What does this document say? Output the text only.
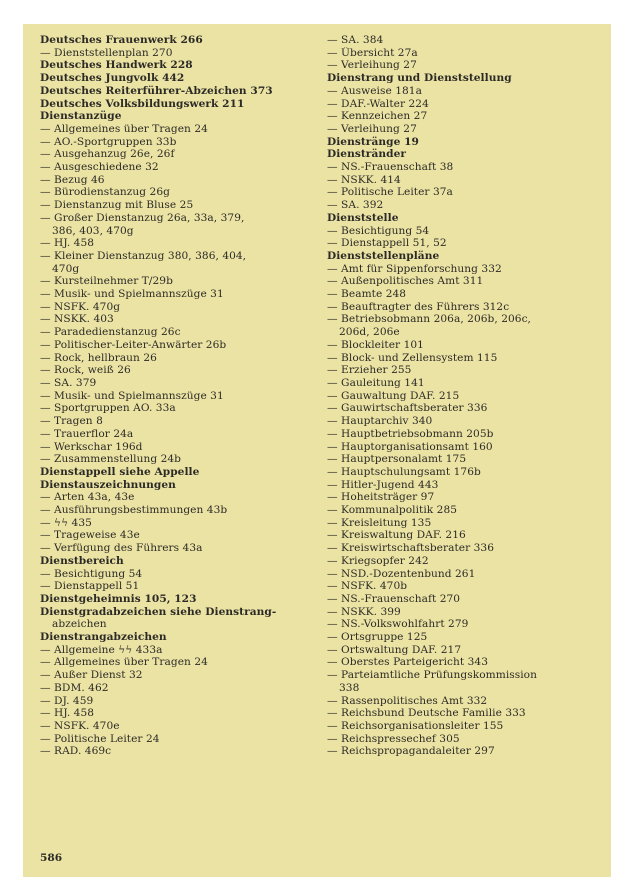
Deutsches Frauenwerk 266
— Dienststellenplan 270
Deutsches Handwerk 228
Deutsches Jungvolk 442
Deutsches Reiterführer-Abzeichen 373
Deutsches Volksbildungswerk 211
Dienstanzüge
— Allgemeines über Tragen 24
— AO.-Sportgruppen 33b
— Ausgehanzug 26e, 26f
— Ausgeschiedene 32
— Bezug 46
— Bürodienstanzug 26g
— Dienstanzug mit Bluse 25
— Großer Dienstanzug 26a, 33a, 379,
386, 403, 470g
— HJ. 458
— Kleiner Dienstanzug 380, 386, 404,
470g
— Kursteilnehmer T/29b
— Musik- und Spielmannszüge 31
— NSFK. 470g
— NSKK. 403
— Paradedienstanzug 26c
— Politischer-Leiter-Anwärter 26b
— Rock, hellbraun 26
— Rock, weiß 26
— SA. 379
— Musik- und Spielmannszüge 31
— Sportgruppen AO. 33a
— Tragen 8
— Trauerflor 24a
— Werkschar 196d
— Zusammenstellung 24b
Dienstappell siehe Appelle
Dienstauszeichnungen
— Arten 43a, 43e
— Ausführungsbestimmungen 43b
— ϟϟ 435
— Trageweise 43e
— Verfügung des Führers 43a
Dienstbereich
— Besichtigung 54
— Dienstappell 51
Dienstgeheimnis 105, 123
Dienstgradabzeichen siehe Dienstrang-
abzeichen
Dienstrangabzeichen
— Allgemeine ϟϟ 433a
— Allgemeines über Tragen 24
— Außer Dienst 32
— BDM. 462
— DJ. 459
— HJ. 458
— NSFK. 470e
— Politische Leiter 24
— RAD. 469c
— SA. 384
— Übersicht 27a
— Verleihung 27
Dienstrang und Dienststellung
— Ausweise 181a
— DAF.-Walter 224
— Kennzeichen 27
— Verleihung 27
Dienstränge 19
Dienstränder
— NS.-Frauenschaft 38
— NSKK. 414
— Politische Leiter 37a
— SA. 392
Dienststelle
— Besichtigung 54
— Dienstappell 51, 52
Dienststellenpläne
— Amt für Sippenforschung 332
— Außenpolitisches Amt 311
— Beamte 248
— Beauftragter des Führers 312c
— Betriebsobmann 206a, 206b, 206c,
206d, 206e
— Blockleiter 101
— Block- und Zellensystem 115
— Erzieher 255
— Gauleitung 141
— Gauwaltung DAF. 215
— Gauwirtschaftsberater 336
— Hauptarchiv 340
— Hauptbetriebsobmann 205b
— Hauptorganisationsamt 160
— Hauptpersonalamt 175
— Hauptschulungsamt 176b
— Hitler-Jugend 443
— Hoheitsträger 97
— Kommunalpolitik 285
— Kreisleitung 135
— Kreiswaltung DAF. 216
— Kreiswirtschaftsberater 336
— Kriegsopfer 242
— NSD.-Dozentenbund 261
— NSFK. 470b
— NS.-Frauenschaft 270
— NSKK. 399
— NS.-Volkswohlfahrt 279
— Ortsgruppe 125
— Ortswaltung DAF. 217
— Oberstes Parteigericht 343
— Parteiamtliche Prüfungskommission
338
— Rassenpolitisches Amt 332
— Reichsbund Deutsche Familie 333
— Reichsorganisationsleiter 155
— Reichspressechef 305
— Reichspropagandaleiter 297
586
